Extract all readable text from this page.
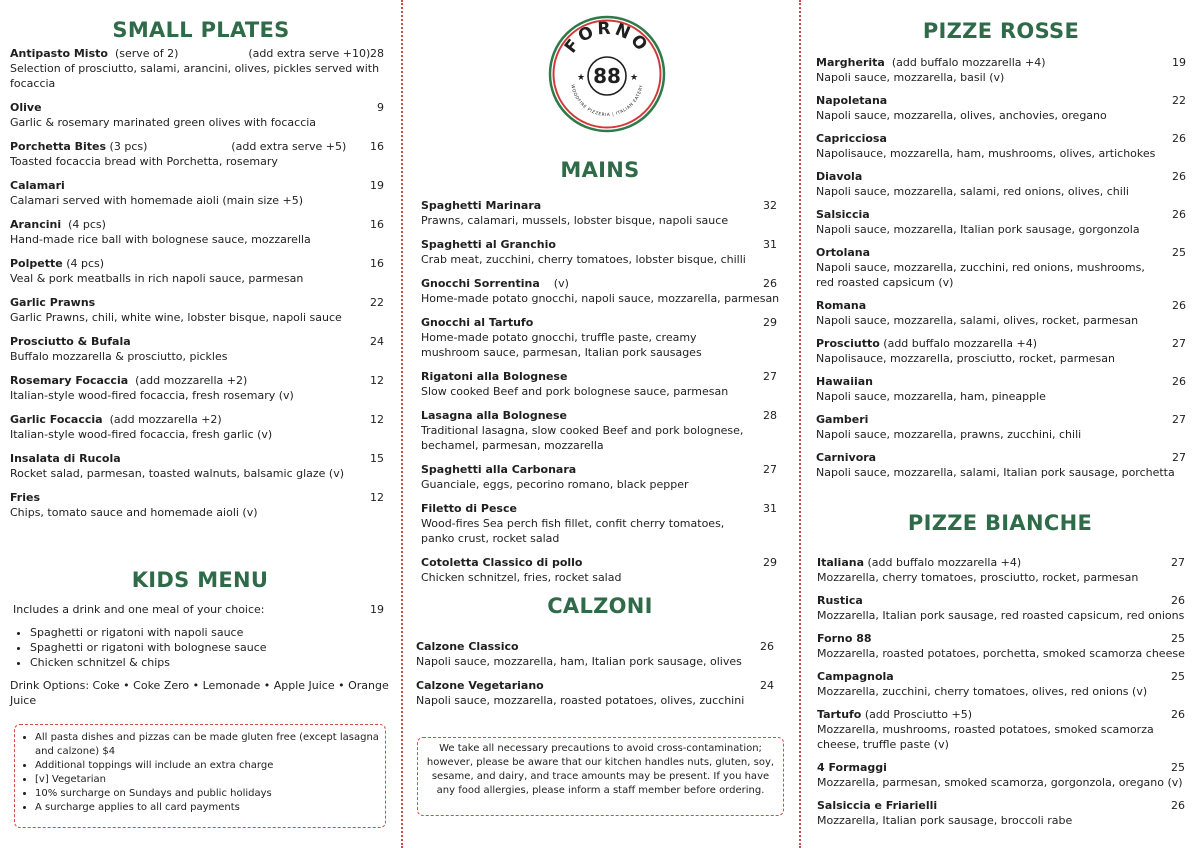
SMALL PLATES
Antipasto Misto  (serve of 2)                    (add extra serve +10) 28
Selection of prosciutto, salami, arancini, olives, pickles served with focaccia
Olive	9
Garlic & rosemary marinated green olives with focaccia
Porchetta Bites (3 pcs)                        (add extra serve +5)	16
Toasted focaccia bread with Porchetta, rosemary
Calamari	19
Calamari served with homemade aioli (main size +5)
Arancini  (4 pcs)	16
Hand-made rice ball with bolognese sauce, mozzarella
Polpette (4 pcs)	16
Veal & pork meatballs in rich napoli sauce, parmesan
Garlic Prawns	22
Garlic Prawns, chili, white wine, lobster bisque, napoli sauce
Prosciutto & Bufala	24
Buffalo mozzarella & prosciutto, pickles
Rosemary Focaccia  (add mozzarella +2)	12
Italian-style wood-fired focaccia, fresh rosemary (v)
Garlic Focaccia  (add mozzarella +2)	12
Italian-style wood-fired focaccia, fresh garlic (v)
Insalata di Rucola	15
Rocket salad, parmesan, toasted walnuts, balsamic glaze (v)
Fries	12
Chips, tomato sauce and homemade aioli (v)
KIDS MENU
Includes a drink and one meal of your choice:	19
• Spaghetti or rigatoni with napoli sauce
• Spaghetti or rigatoni with bolognese sauce
• Chicken schnitzel & chips
Drink Options: Coke • Coke Zero • Lemonade • Apple Juice • Orange Juice
• All pasta dishes and pizzas can be made gluten free (except lasagna and calzone) $4
• Additional toppings will include an extra charge
• [v] Vegetarian
• 10% surcharge on Sundays and public holidays
• A surcharge applies to all card payments
FORNO
88
★	★
WOODFIRE PIZZERIA | ITALIAN EATERY
MAINS
Spaghetti Marinara	32
Prawns, calamari, mussels, lobster bisque, napoli sauce
Spaghetti al Granchio	31
Crab meat, zucchini, cherry tomatoes, lobster bisque, chilli
Gnocchi Sorrentina    (v)	26
Home-made potato gnocchi, napoli sauce, mozzarella, parmesan
Gnocchi al Tartufo	29
Home-made potato gnocchi, truffle paste, creamy mushroom sauce, parmesan, Italian pork sausages
Rigatoni alla Bolognese	27
Slow cooked Beef and pork bolognese sauce, parmesan
Lasagna alla Bolognese	28
Traditional lasagna, slow cooked Beef and pork bolognese, bechamel, parmesan, mozzarella
Spaghetti alla Carbonara	27
Guanciale, eggs, pecorino romano, black pepper
Filetto di Pesce	31
Wood-fires Sea perch fish fillet, confit cherry tomatoes, panko crust, rocket salad
Cotoletta Classico di pollo	29
Chicken schnitzel, fries, rocket salad
CALZONI
Calzone Classico	26
Napoli sauce, mozzarella, ham, Italian pork sausage, olives
Calzone Vegetariano	24
Napoli sauce, mozzarella, roasted potatoes, olives, zucchini
We take all necessary precautions to avoid cross-contamination; however, please be aware that our kitchen handles nuts, gluten, soy, sesame, and dairy, and trace amounts may be present. If you have any food allergies, please inform a staff member before ordering.
PIZZE ROSSE
Margherita  (add buffalo mozzarella +4)	19
Napoli sauce, mozzarella, basil (v)
Napoletana	22
Napoli sauce, mozzarella, olives, anchovies, oregano
Capricciosa	26
Napolisauce, mozzarella, ham, mushrooms, olives, artichokes
Diavola	26
Napoli sauce, mozzarella, salami, red onions, olives, chili
Salsiccia	26
Napoli sauce, mozzarella, Italian pork sausage, gorgonzola
Ortolana	25
Napoli sauce, mozzarella, zucchini, red onions, mushrooms, red roasted capsicum (v)
Romana	26
Napoli sauce, mozzarella, salami, olives, rocket, parmesan
Prosciutto (add buffalo mozzarella +4)	27
Napolisauce, mozzarella, prosciutto, rocket, parmesan
Hawaiian	26
Napoli sauce, mozzarella, ham, pineapple
Gamberi	27
Napoli sauce, mozzarella, prawns, zucchini, chili
Carnivora	27
Napoli sauce, mozzarella, salami, Italian pork sausage, porchetta
PIZZE BIANCHE
Italiana (add buffalo mozzarella +4)	27
Mozzarella, cherry tomatoes, prosciutto, rocket, parmesan
Rustica	26
Mozzarella, Italian pork sausage, red roasted capsicum, red onions
Forno 88	25
Mozzarella, roasted potatoes, porchetta, smoked scamorza cheese
Campagnola	25
Mozzarella, zucchini, cherry tomatoes, olives, red onions (v)
Tartufo (add Prosciutto +5)	26
Mozzarella, mushrooms, roasted potatoes, smoked scamorza cheese, truffle paste (v)
4 Formaggi	25
Mozzarella, parmesan, smoked scamorza, gorgonzola, oregano (v)
Salsiccia e Friarielli	26
Mozzarella, Italian pork sausage, broccoli rabe
